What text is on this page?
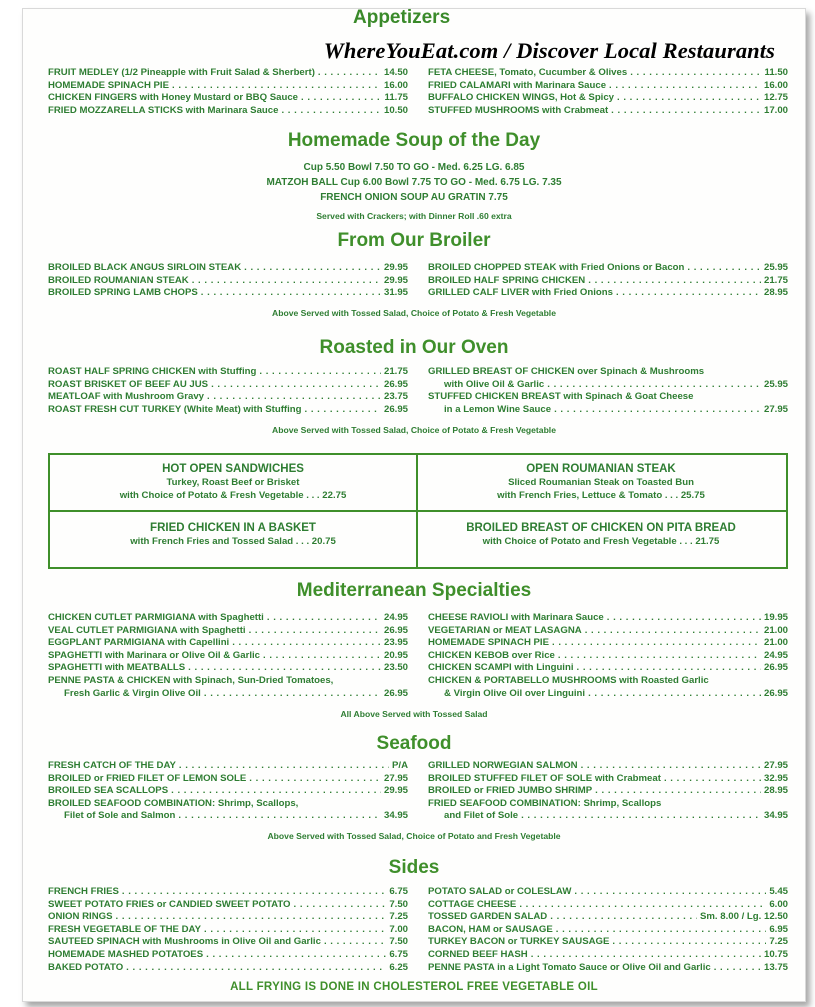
Appetizers
WhereYouEat.com / Discover Local Restaurants
FRUIT MEDLEY (1/2 Pineapple with Fruit Salad & Sherbert) . . .	14.50
HOMEMADE SPINACH PIE . . .	16.00
CHICKEN FINGERS with Honey Mustard or BBQ Sauce . . .	11.75
FRIED MOZZARELLA STICKS with Marinara Sauce . . .	10.50
FETA CHEESE, Tomato, Cucumber & Olives . . .	11.50
FRIED CALAMARI with Marinara Sauce . . .	16.00
BUFFALO CHICKEN WINGS, Hot & Spicy . . .	12.75
STUFFED MUSHROOMS with Crabmeat . . .	17.00
Homemade Soup of the Day
Cup 5.50 Bowl 7.50 TO GO - Med. 6.25 LG. 6.85
MATZOH BALL Cup 6.00 Bowl 7.75 TO GO - Med. 6.75 LG. 7.35
FRENCH ONION SOUP AU GRATIN 7.75
Served with Crackers; with Dinner Roll .60 extra
From Our Broiler
BROILED BLACK ANGUS SIRLOIN STEAK . . .	29.95
BROILED ROUMANIAN STEAK . . .	29.95
BROILED SPRING LAMB CHOPS . . .	31.95
BROILED CHOPPED STEAK with Fried Onions or Bacon . . .	25.95
BROILED HALF SPRING CHICKEN . . .	21.75
GRILLED CALF LIVER with Fried Onions . . .	28.95
Above Served with Tossed Salad, Choice of Potato & Fresh Vegetable
Roasted in Our Oven
ROAST HALF SPRING CHICKEN with Stuffing . . .	21.75
ROAST BRISKET OF BEEF AU JUS . . .	26.95
MEATLOAF with Mushroom Gravy . . .	23.75
ROAST FRESH CUT TURKEY (White Meat) with Stuffing . . .	26.95
GRILLED BREAST OF CHICKEN over Spinach & Mushrooms
with Olive Oil & Garlic . . .	25.95
STUFFED CHICKEN BREAST with Spinach & Goat Cheese
in a Lemon Wine Sauce . . .	27.95
Above Served with Tossed Salad, Choice of Potato & Fresh Vegetable
HOT OPEN SANDWICHES
Turkey, Roast Beef or Brisket
with Choice of Potato & Fresh Vegetable . . . 22.75
OPEN ROUMANIAN STEAK
Sliced Roumanian Steak on Toasted Bun
with French Fries, Lettuce & Tomato . . . 25.75
FRIED CHICKEN IN A BASKET
with French Fries and Tossed Salad . . . 20.75
BROILED BREAST OF CHICKEN ON PITA BREAD
with Choice of Potato and Fresh Vegetable . . . 21.75
Mediterranean Specialties
CHICKEN CUTLET PARMIGIANA with Spaghetti . . .	24.95
VEAL CUTLET PARMIGIANA with Spaghetti . . .	26.95
EGGPLANT PARMIGIANA with Capellini . . .	23.95
SPAGHETTI with Marinara or Olive Oil & Garlic . . .	20.95
SPAGHETTI with MEATBALLS . . .	23.50
PENNE PASTA & CHICKEN with Spinach, Sun-Dried Tomatoes,
Fresh Garlic & Virgin Olive Oil . . .	26.95
CHEESE RAVIOLI with Marinara Sauce . . .	19.95
VEGETARIAN or MEAT LASAGNA . . .	21.00
HOMEMADE SPINACH PIE . . .	21.00
CHICKEN KEBOB over Rice . . .	24.95
CHICKEN SCAMPI with Linguini . . .	26.95
CHICKEN & PORTABELLO MUSHROOMS with Roasted Garlic
& Virgin Olive Oil over Linguini . . .	26.95
All Above Served with Tossed Salad
Seafood
FRESH CATCH OF THE DAY . . .	P/A
BROILED or FRIED FILET OF LEMON SOLE . . .	27.95
BROILED SEA SCALLOPS . . .	29.95
BROILED SEAFOOD COMBINATION: Shrimp, Scallops,
Filet of Sole and Salmon . . .	34.95
GRILLED NORWEGIAN SALMON . . .	27.95
BROILED STUFFED FILET OF SOLE with Crabmeat . . .	32.95
BROILED or FRIED JUMBO SHRIMP . . .	28.95
FRIED SEAFOOD COMBINATION: Shrimp, Scallops
and Filet of Sole . . .	34.95
Above Served with Tossed Salad, Choice of Potato and Fresh Vegetable
Sides
FRENCH FRIES . . .	6.75
SWEET POTATO FRIES or CANDIED SWEET POTATO . . .	7.50
ONION RINGS . . .	7.25
FRESH VEGETABLE OF THE DAY . . .	7.00
SAUTEED SPINACH with Mushrooms in Olive Oil and Garlic . . .	7.50
HOMEMADE MASHED POTATOES . . .	6.75
BAKED POTATO . . .	6.25
POTATO SALAD or COLESLAW . . .	5.45
COTTAGE CHEESE . . .	6.00
TOSSED GARDEN SALAD . . .	Sm. 8.00 / Lg. 12.50
BACON, HAM or SAUSAGE . . .	6.95
TURKEY BACON or TURKEY SAUSAGE . . .	7.25
CORNED BEEF HASH . . .	10.75
PENNE PASTA in a Light Tomato Sauce or Olive Oil and Garlic . . .	13.75
ALL FRYING IS DONE IN CHOLESTEROL FREE VEGETABLE OIL
